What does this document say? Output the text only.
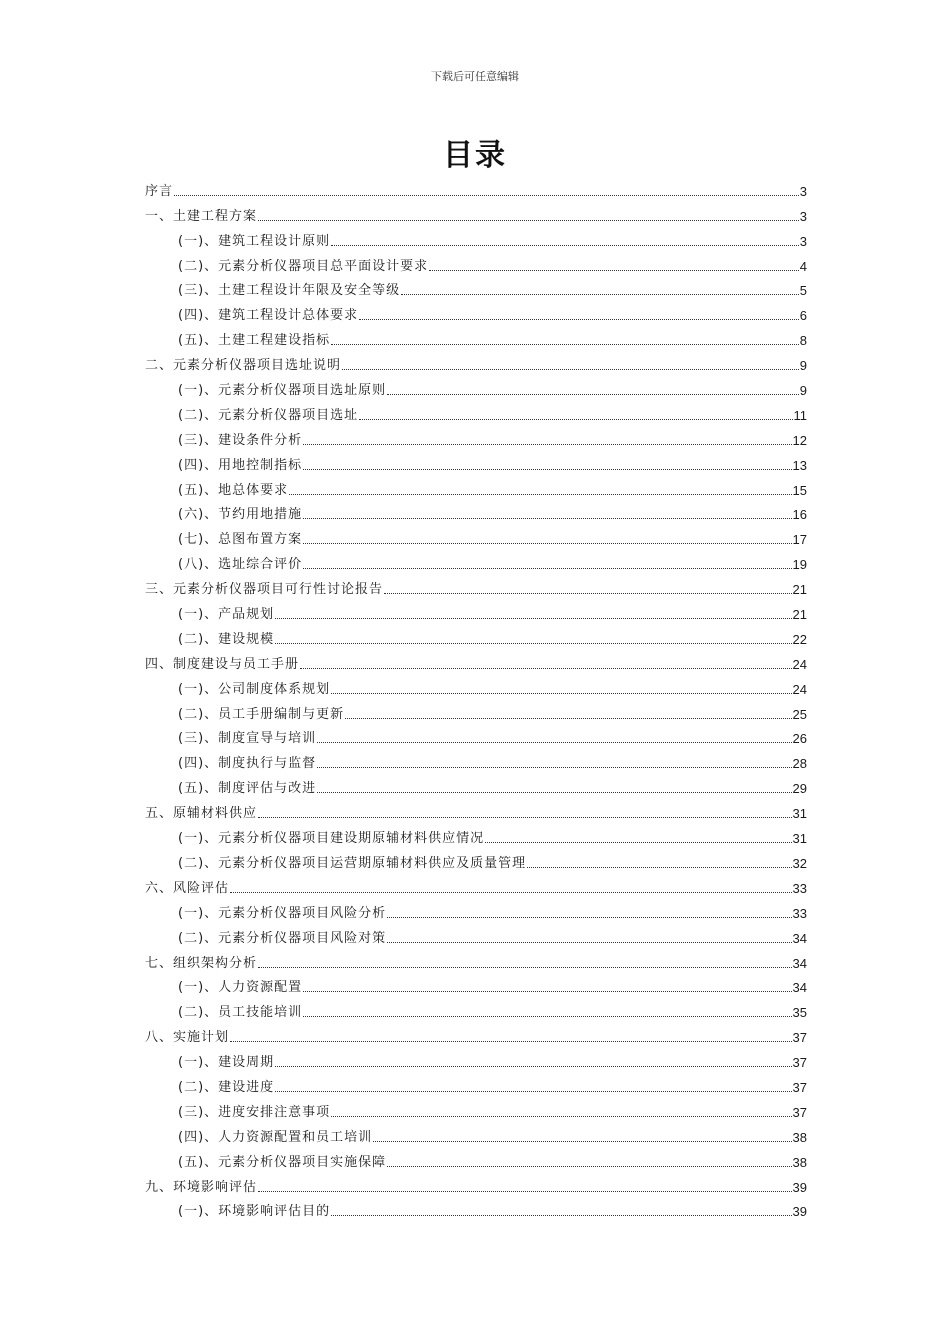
下载后可任意编辑
目录
序言	3
一、土建工程方案	3
(一)、建筑工程设计原则	3
(二)、元素分析仪器项目总平面设计要求	4
(三)、土建工程设计年限及安全等级	5
(四)、建筑工程设计总体要求	6
(五)、土建工程建设指标	8
二、元素分析仪器项目选址说明	9
(一)、元素分析仪器项目选址原则	9
(二)、元素分析仪器项目选址	11
(三)、建设条件分析	12
(四)、用地控制指标	13
(五)、地总体要求	15
(六)、节约用地措施	16
(七)、总图布置方案	17
(八)、选址综合评价	19
三、元素分析仪器项目可行性讨论报告	21
(一)、产品规划	21
(二)、建设规模	22
四、制度建设与员工手册	24
(一)、公司制度体系规划	24
(二)、员工手册编制与更新	25
(三)、制度宣导与培训	26
(四)、制度执行与监督	28
(五)、制度评估与改进	29
五、原辅材料供应	31
(一)、元素分析仪器项目建设期原辅材料供应情况	31
(二)、元素分析仪器项目运营期原辅材料供应及质量管理	32
六、风险评估	33
(一)、元素分析仪器项目风险分析	33
(二)、元素分析仪器项目风险对策	34
七、组织架构分析	34
(一)、人力资源配置	34
(二)、员工技能培训	35
八、实施计划	37
(一)、建设周期	37
(二)、建设进度	37
(三)、进度安排注意事项	37
(四)、人力资源配置和员工培训	38
(五)、元素分析仪器项目实施保障	38
九、环境影响评估	39
(一)、环境影响评估目的	39
